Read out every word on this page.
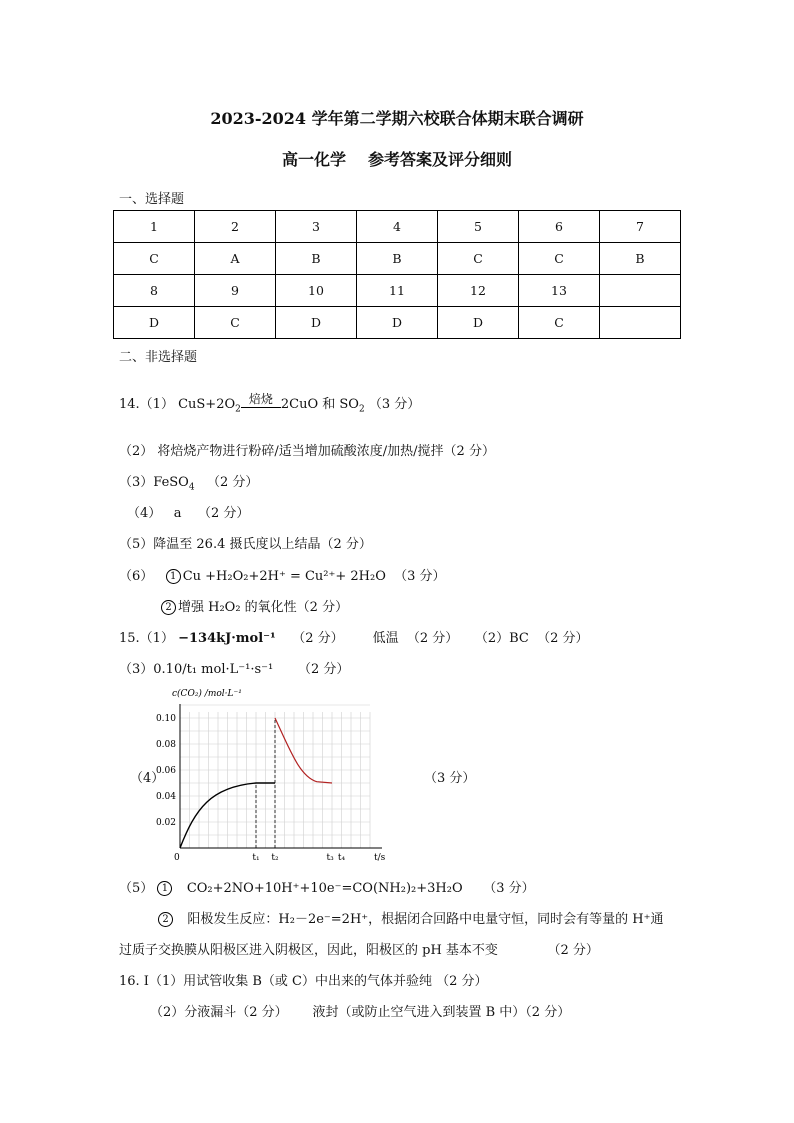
2023-2024 学年第二学期六校联合体期末联合调研
高一化学 参考答案及评分细则
一、选择题
1	2	3	4	5	6	7
C	A	B	B	C	C	B
8	9	10	11	12	13	
D	C	D	D	D	C	
二、非选择题
14.（1） $CuS+2O_2$
焙烧 2CuO 和 $SO_2$ （3 分）
（2） 将焙烧产物进行粉碎/适当增加硫酸浓度/加热/搅拌（2 分）
（3）FeSO$_4$ （2 分）
（4） a （2 分）
（5）降温至 26.4 摄氏度以上结晶（2 分）
（6） 1 Cu +H₂O₂+2H⁺ = Cu²⁺+ 2H₂O （3 分）
2 增强 H₂O₂ 的氧化性（2 分）
15.（1） −134kJ·mol⁻¹ （2 分） 低温 （2 分） （2）BC （2 分）
（3）0.10/t₁ mol·L⁻¹·s⁻¹ （2 分）
（4）	（3 分）
0.10
0.08
0.06
0.04
0.02
0
c(CO₂) /mol·L⁻¹
t/s
t₁ t₂	t₃ t₄
（5） 1 CO₂+2NO+10H⁺+10e⁻=CO(NH₂)₂+3H₂O （3 分）
2 阳极发生反应：H₂－2e⁻=2H⁺，根据闭合回路中电量守恒，同时会有等量的 H⁺通
过质子交换膜从阳极区进入阴极区，因此，阳极区的 pH 基本不变	（2 分）
16. I（1）用试管收集 B（或 C）中出来的气体并验纯 （2 分）
（2）分液漏斗（2 分） 液封（或防止空气进入到装置 B 中）（2 分）
